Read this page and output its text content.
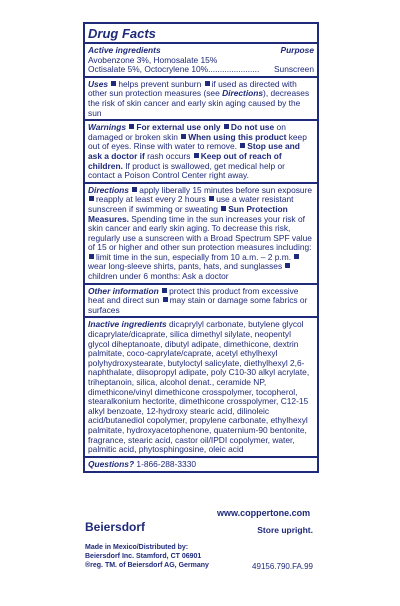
Drug Facts
Active ingredients	Purpose
Avobenzone 3%, Homosalate 15%
Octisalate 5%, Octocrylene 10%...................... Sunscreen
Uses helps prevent sunburn if used as directed with other sun protection measures (see Directions), decreases the risk of skin cancer and early skin aging caused by the sun
Warnings For external use only Do not use on damaged or broken skin When using this product keep out of eyes. Rinse with water to remove. Stop use and ask a doctor if rash occurs Keep out of reach of children. If product is swallowed, get medical help or contact a Poison Control Center right away.
Directions apply liberally 15 minutes before sun exposure reapply at least every 2 hours use a water resistant sunscreen if swimming or sweating Sun Protection Measures. Spending time in the sun increases your risk of skin cancer and early skin aging. To decrease this risk, regularly use a sunscreen with a Broad Spectrum SPF value of 15 or higher and other sun protection measures including: limit time in the sun, especially from 10 a.m. – 2 p.m. wear long-sleeve shirts, pants, hats, and sunglasses children under 6 months: Ask a doctor
Other information protect this product from excessive heat and direct sun may stain or damage some fabrics or surfaces
Inactive ingredients dicaprylyl carbonate, butylene glycol dicaprylate/dicaprate, silica dimethyl silylate, neopentyl glycol diheptanoate, dibutyl adipate, dimethicone, dextrin palmitate, coco-caprylate/caprate, acetyl ethylhexyl polyhydroxystearate, butyloctyl salicylate, diethylhexyl 2,6-naphthalate, diisopropyl adipate, poly C10-30 alkyl acrylate, triheptanoin, silica, alcohol denat., ceramide NP, dimethicone/vinyl dimethicone crosspolymer, tocopherol, stearalkonium hectorite, dimethicone crosspolymer, C12-15 alkyl benzoate, 12-hydroxy stearic acid, dilinoleic acid/butanediol copolymer, propylene carbonate, ethylhexyl palmitate, hydroxyacetophenone, quaternium-90 bentonite, fragrance, stearic acid, castor oil/IPDI copolymer, water, palmitic acid, phytosphingosine, oleic acid
Questions? 1-866-288-3330
www.coppertone.com
Beiersdorf	Store upright.
Made in Mexico/Distributed by:
Beiersdorf Inc. Stamford, CT 06901
®reg. TM. of Beiersdorf AG, Germany	49156.790.FA.99
